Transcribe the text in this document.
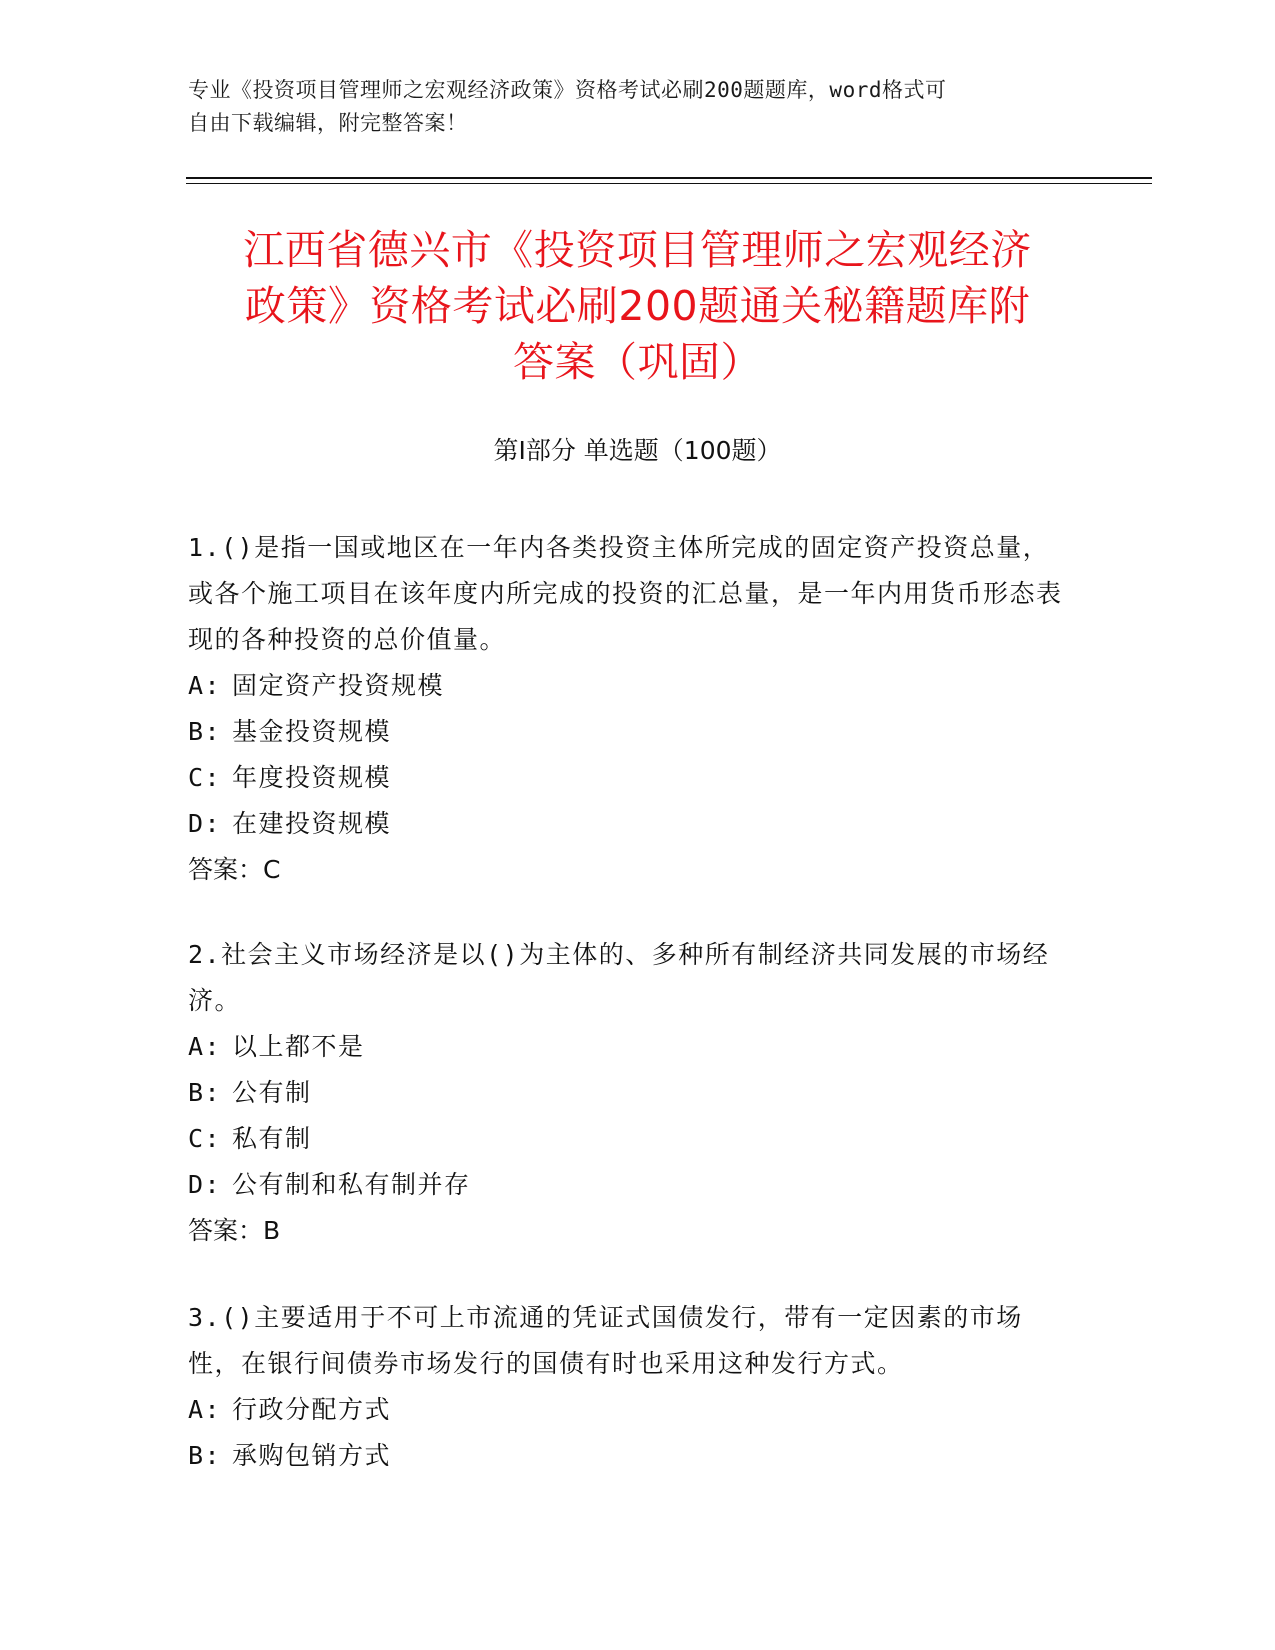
专业《投资项目管理师之宏观经济政策》资格考试必刷200题题库，word格式可
自由下载编辑，附完整答案！
江西省德兴市《投资项目管理师之宏观经济
政策》资格考试必刷200题通关秘籍题库附
答案（巩固）
第Ⅰ部分 单选题（100题）
1.()是指一国或地区在一年内各类投资主体所完成的固定资产投资总量，或各个施工项目在该年度内所完成的投资的汇总量，是一年内用货币形态表现的各种投资的总价值量。
A: 固定资产投资规模
B: 基金投资规模
C: 年度投资规模
D: 在建投资规模
答案：C
2.社会主义市场经济是以()为主体的、多种所有制经济共同发展的市场经济。
A: 以上都不是
B: 公有制
C: 私有制
D: 公有制和私有制并存
答案：B
3.()主要适用于不可上市流通的凭证式国债发行，带有一定因素的市场性，在银行间债券市场发行的国债有时也采用这种发行方式。
A: 行政分配方式
B: 承购包销方式
